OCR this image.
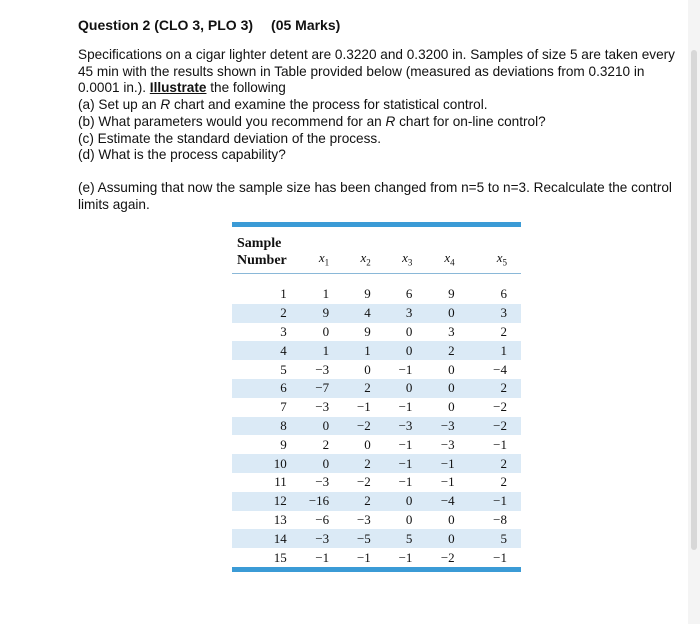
Question 2 (CLO 3, PLO 3) (05 Marks)

Specifications on a cigar lighter detent are 0.3220 and 0.3200 in. Samples of size 5 are taken every 45 min with the results shown in Table provided below (measured as deviations from 0.3210 in 0.0001 in.). Illustrate the following

(a) Set up an R chart and examine the process for statistical control.
(b) What parameters would you recommend for an R chart for on-line control?
(c) Estimate the standard deviation of the process.
(d) What is the process capability?

(e) Assuming that now the sample size has been changed from n=5 to n=3. Recalculate the control limits again.

Sample
Number	$x_1$	$x_2$	$x_3$	$x_4$	$x_5$

1	1	9	6	9	6
2	9	4	3	0	3
3	0	9	0	3	2
4	1	1	0	2	1
5	−3	0	−1	0	−4
6	−7	2	0	0	2
7	−3	−1	−1	0	−2
8	0	−2	−3	−3	−2
9	2	0	−1	−3	−1
10	0	2	−1	−1	2
11	−3	−2	−1	−1	2
12	−16	2	0	−4	−1
13	−6	−3	0	0	−8
14	−3	−5	5	0	5
15	−1	−1	−1	−2	−1
